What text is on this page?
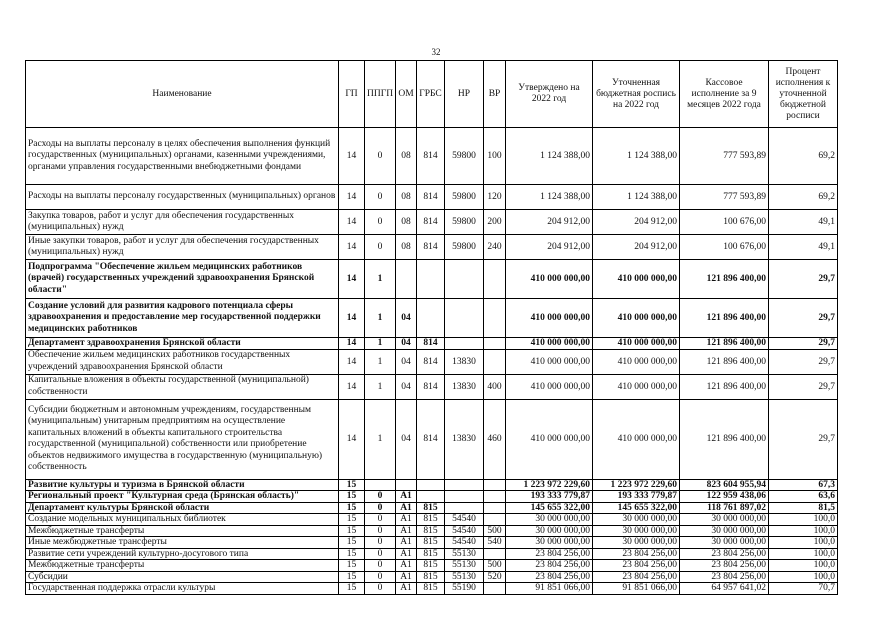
32
Наименование	ГП	ППГП	ОМ	ГРБС	НР	ВР	Утверждено на 2022 год	Уточненная бюджетная роспись на 2022 год	Кассовое исполнение за 9 месяцев 2022 года	Процент исполнения к уточненной бюджетной росписи
Расходы на выплаты персоналу в целях обеспечения выполнения функций государственных (муниципальных) органами, казенными учреждениями, органами управления государственными внебюджетными фондами	14	0	08	814	59800	100	1 124 388,00	1 124 388,00	777 593,89	69,2
Расходы на выплаты персоналу государственных (муниципальных) органов	14	0	08	814	59800	120	1 124 388,00	1 124 388,00	777 593,89	69,2
Закупка товаров, работ и услуг для обеспечения государственных (муниципальных) нужд	14	0	08	814	59800	200	204 912,00	204 912,00	100 676,00	49,1
Иные закупки товаров, работ и услуг для обеспечения государственных (муниципальных) нужд	14	0	08	814	59800	240	204 912,00	204 912,00	100 676,00	49,1
Подпрограмма "Обеспечение жильем медицинских работников (врачей) государственных учреждений здравоохранения Брянской области"	14	1					410 000 000,00	410 000 000,00	121 896 400,00	29,7
Создание условий для развития кадрового потенциала сферы здравоохранения и предоставление мер государственной поддержки медицинских работников	14	1	04				410 000 000,00	410 000 000,00	121 896 400,00	29,7
Департамент здравоохранения Брянской области	14	1	04	814			410 000 000,00	410 000 000,00	121 896 400,00	29,7
Обеспечение жильем медицинских работников государственных учреждений здравоохранения Брянской области	14	1	04	814	13830		410 000 000,00	410 000 000,00	121 896 400,00	29,7
Капитальные вложения в объекты государственной (муниципальной) собственности	14	1	04	814	13830	400	410 000 000,00	410 000 000,00	121 896 400,00	29,7
Субсидии бюджетным и автономным учреждениям, государственным (муниципальным) унитарным предприятиям на осуществление капитальных вложений в объекты капитального строительства государственной (муниципальной) собственности или приобретение объектов недвижимого имущества в государственную (муниципальную) собственность	14	1	04	814	13830	460	410 000 000,00	410 000 000,00	121 896 400,00	29,7
Развитие культуры и туризма в Брянской области	15						1 223 972 229,60	1 223 972 229,60	823 604 955,94	67,3
Региональный проект "Культурная среда (Брянская область)"	15	0	A1				193 333 779,87	193 333 779,87	122 959 438,06	63,6
Департамент культуры Брянской области	15	0	A1	815			145 655 322,00	145 655 322,00	118 761 897,02	81,5
Создание модельных муниципальных библиотек	15	0	A1	815	54540		30 000 000,00	30 000 000,00	30 000 000,00	100,0
Межбюджетные трансферты	15	0	A1	815	54540	500	30 000 000,00	30 000 000,00	30 000 000,00	100,0
Иные межбюджетные трансферты	15	0	A1	815	54540	540	30 000 000,00	30 000 000,00	30 000 000,00	100,0
Развитие сети учреждений культурно-досугового типа	15	0	A1	815	55130		23 804 256,00	23 804 256,00	23 804 256,00	100,0
Межбюджетные трансферты	15	0	A1	815	55130	500	23 804 256,00	23 804 256,00	23 804 256,00	100,0
Субсидии	15	0	A1	815	55130	520	23 804 256,00	23 804 256,00	23 804 256,00	100,0
Государственная поддержка отрасли культуры	15	0	A1	815	55190		91 851 066,00	91 851 066,00	64 957 641,02	70,7
